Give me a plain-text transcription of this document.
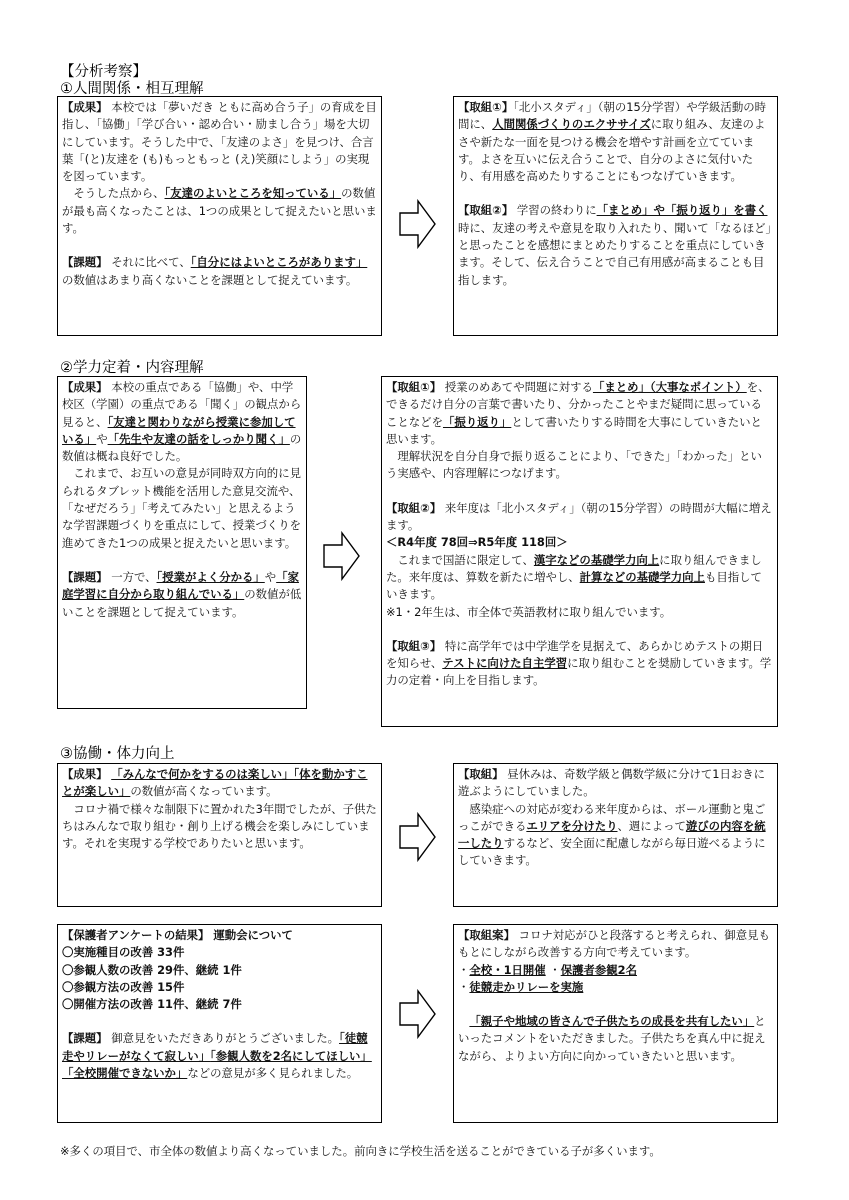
【分析考察】
①人間関係・相互理解

【成果】 本校では「夢いだき ともに高め合う子」の育成を目指し、「協働」「学び合い・認め合い・励まし合う」場を大切にしています。そうした中で、「友達のよさ」を見つけ、合言葉「(と)友達を (も)もっともっと (え)笑顔にしよう」の実現を図っています。

そうした点から、「友達のよいところを知っている」の数値が最も高くなったことは、1つの成果として捉えたいと思います。

【課題】 それに比べて、「自分にはよいところがあります」の数値はあまり高くないことを課題として捉えています。

【取組①】「北小スタディ」（朝の15分学習）や学級活動の時間に、人間関係づくりのエクササイズに取り組み、友達のよさや新たな一面を見つける機会を増やす計画を立てています。よさを互いに伝え合うことで、自分のよさに気付いたり、有用感を高めたりすることにもつなげていきます。

【取組②】 学習の終わりに「まとめ」や「振り返り」を書く時に、友達の考えや意見を取り入れたり、聞いて「なるほど」と思ったことを感想にまとめたりすることを重点にしていきます。そして、伝え合うことで自己有用感が高まることも目指します。

②学力定着・内容理解

【成果】 本校の重点である「協働」や、中学校区（学園）の重点である「聞く」の観点から見ると、「友達と関わりながら授業に参加している」や「先生や友達の話をしっかり聞く」の数値は概ね良好でした。

これまで、お互いの意見が同時双方向的に見られるタブレット機能を活用した意見交流や、「なぜだろう」「考えてみたい」と思えるような学習課題づくりを重点にして、授業づくりを進めてきた1つの成果と捉えたいと思います。

【課題】 一方で、「授業がよく分かる」や「家庭学習に自分から取り組んでいる」の数値が低いことを課題として捉えています。

【取組①】 授業のめあてや問題に対する「まとめ」（大事なポイント）を、できるだけ自分の言葉で書いたり、分かったことやまだ疑問に思っていることなどを「振り返り」として書いたりする時間を大事にしていきたいと思います。

理解状況を自分自身で振り返ることにより、「できた」「わかった」という実感や、内容理解につなげます。

【取組②】 来年度は「北小スタディ」（朝の15分学習）の時間が大幅に増えます。

＜R4年度 78回⇒R5年度 118回＞

これまで国語に限定して、漢字などの基礎学力向上に取り組んできました。来年度は、算数を新たに増やし、計算などの基礎学力向上も目指していきます。

※1・2年生は、市全体で英語教材に取り組んでいます。

【取組③】 特に高学年では中学進学を見据えて、あらかじめテストの期日を知らせ、テストに向けた自主学習に取り組むことを奨励していきます。学力の定着・向上を目指します。

③協働・体力向上

【成果】 「みんなで何かをするのは楽しい」「体を動かすことが楽しい」の数値が高くなっています。

コロナ禍で様々な制限下に置かれた3年間でしたが、子供たちはみんなで取り組む・創り上げる機会を楽しみにしています。それを実現する学校でありたいと思います。

【取組】 昼休みは、奇数学級と偶数学級に分けて1日おきに遊ぶようにしていました。

感染症への対応が変わる来年度からは、ボール運動と鬼ごっこができるエリアを分けたり、週によって遊びの内容を統一したりするなど、安全面に配慮しながら毎日遊べるようにしていきます。

【保護者アンケートの結果】 運動会について

〇実施種目の改善 33件

〇参観人数の改善 29件、継続 1件

〇参観方法の改善 15件

〇開催方法の改善 11件、継続 7件

【課題】 御意見をいただきありがとうございました。「徒競走やリレーがなくて寂しい」「参観人数を2名にしてほしい」「全校開催できないか」などの意見が多く見られました。

【取組案】 コロナ対応がひと段落すると考えられ、御意見ももとにしながら改善する方向で考えています。

・全校・1日開催 ・保護者参観2名

・徒競走かリレーを実施

「親子や地域の皆さんで子供たちの成長を共有したい」といったコメントをいただきました。子供たちを真ん中に捉えながら、よりよい方向に向かっていきたいと思います。

※多くの項目で、市全体の数値より高くなっていました。前向きに学校生活を送ることができている子が多くいます。
